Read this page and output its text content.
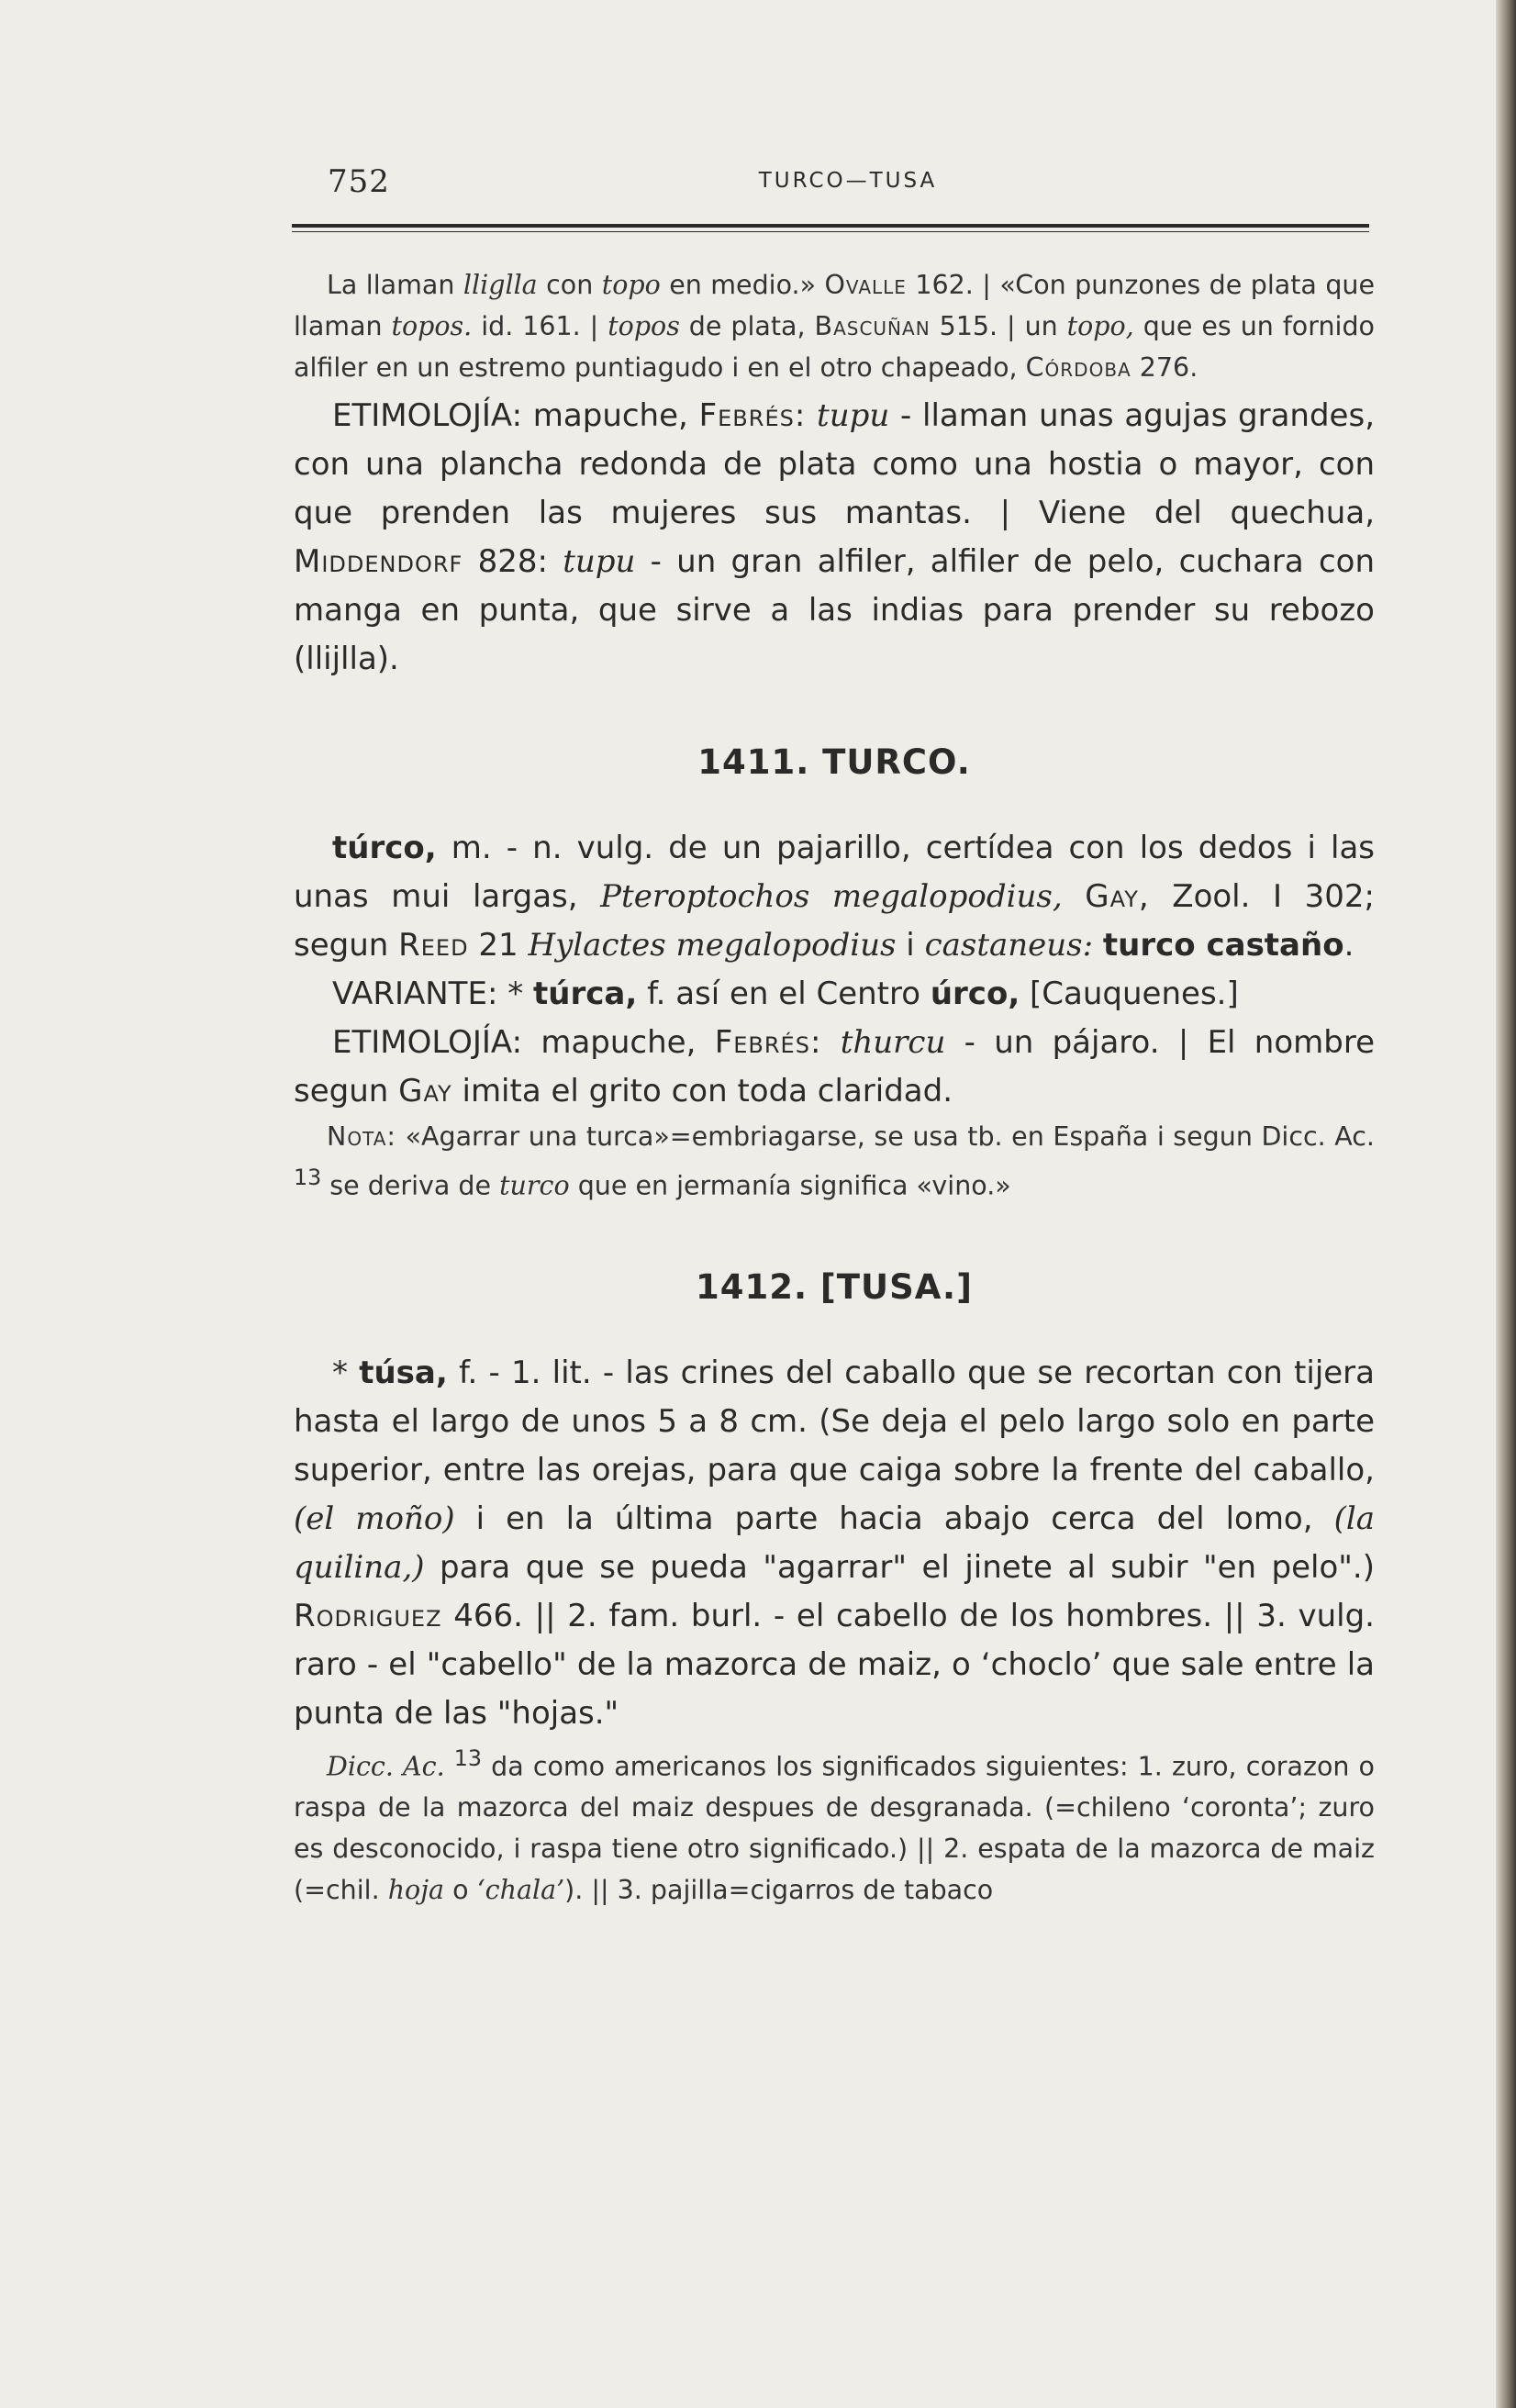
752	TURCO—TUSA

La llaman lliglla con topo en medio.» Ovalle 162. | «Con punzones de plata que llaman topos. id. 161. | topos de plata, Bascuñan 515. | un topo, que es un fornido alfiler en un estremo puntiagudo i en el otro chapeado, Córdoba 276.

ETIMOLOJÍA: mapuche, Febrés: tupu - llaman unas agujas grandes, con una plancha redonda de plata como una hostia o mayor, con que prenden las mujeres sus mantas. | Viene del quechua, Middendorf 828: tupu - un gran alfiler, alfiler de pelo, cuchara con manga en punta, que sirve a las indias para prender su rebozo (llijlla).

1411. TURCO.

túrco, m. - n. vulg. de un pajarillo, certídea con los dedos i las unas mui largas, Pteroptochos megalopodius, Gay, Zool. I 302; segun Reed 21 Hylactes megalopodius i castaneus: turco castaño.

VARIANTE: * túrca, f. así en el Centro úrco, [Cauquenes.]

ETIMOLOJÍA: mapuche, Febrés: thurcu - un pájaro. | El nombre segun Gay imita el grito con toda claridad.

Nota: «Agarrar una turca»=embriagarse, se usa tb. en España i segun Dicc. Ac. $^{13}$ se deriva de turco que en jermanía significa «vino.»

1412. [TUSA.]

* túsa, f. - 1. lit. - las crines del caballo que se recortan con tijera hasta el largo de unos 5 a 8 cm. (Se deja el pelo largo solo en parte superior, entre las orejas, para que caiga sobre la frente del caballo, (el moño) i en la última parte hacia abajo cerca del lomo, (la quilina,) para que se pueda "agarrar" el jinete al subir "en pelo".) Rodriguez 466. || 2. fam. burl. - el cabello de los hombres. || 3. vulg. raro - el "cabello" de la mazorca de maiz, o ‘choclo’ que sale entre la punta de las "hojas."

Dicc. Ac. $^{13}$ da como americanos los significados siguientes: 1. zuro, corazon o raspa de la mazorca del maiz despues de desgranada. (=chileno ‘coronta’; zuro es desconocido, i raspa tiene otro significado.) || 2. espata de la mazorca de maiz (=chil. hoja o ‘chala’). || 3. pajilla=cigarros de tabaco
